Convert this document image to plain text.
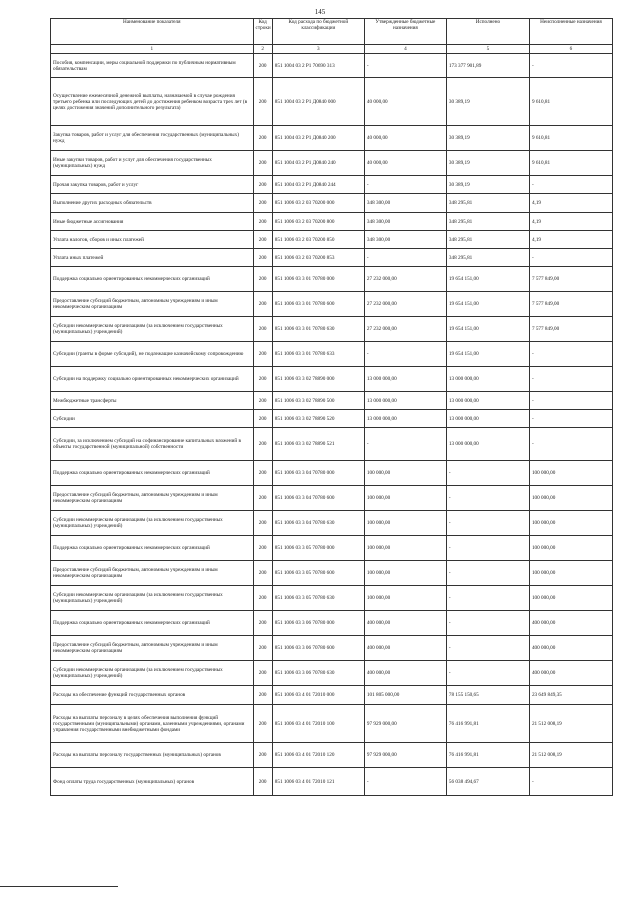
145
Наименование показателя	Код строки	Код расхода по бюджетной классификации	Утвержденные бюджетные назначения	Исполнено	Неисполненные назначения
1	2	3	4	5	6
Пособия, компенсации, меры социальной поддержки по публичным нормативным обязательствам	200	851 1004 03 2 P1 70690 313	-	173 377 901,89	-
Осуществление ежемесячной денежной выплаты, назначаемой в случае рождения третьего ребенка или последующих детей до достижения ребенком возраста трех лет (в целях достижения значений дополнительного результата)	200	851 1004 03 2 P1 Д0840 000	40 000,00	30 389,19	9 610,81
Закупка товаров, работ и услуг для обеспечения государственных (муниципальных) нужд	200	851 1004 03 2 P1 Д0840 200	40 000,00	30 389,19	9 610,81
Иные закупки товаров, работ и услуг для обеспечения государственных (муниципальных) нужд	200	851 1004 03 2 P1 Д0840 240	40 000,00	30 389,19	9 610,81
Прочая закупка товаров, работ и услуг	200	851 1004 03 2 P1 Д0840 244	-	30 389,19	-
Выполнение других расходных обязательств	200	851 1006 03 2 03 70200 000	348 300,00	348 295,81	4,19
Иные бюджетные ассигнования	200	851 1006 03 2 03 70200 800	348 300,00	348 295,81	4,19
Уплата налогов, сборов и иных платежей	200	851 1006 03 2 03 70200 850	348 300,00	348 295,81	4,19
Уплата иных платежей	200	851 1006 03 2 03 70200 853	-	348 295,81	-
Поддержка социально ориентированных некоммерческих организаций	200	851 1006 03 3 01 70780 000	27 232 000,00	19 654 151,00	7 577 849,00
Предоставление субсидий бюджетным, автономным учреждениям и иным некоммерческим организациям	200	851 1006 03 3 01 70780 600	27 232 000,00	19 654 151,00	7 577 849,00
Субсидии некоммерческим организациям (за исключением государственных (муниципальных) учреждений)	200	851 1006 03 3 01 70780 630	27 232 000,00	19 654 151,00	7 577 849,00
Субсидии (гранты в форме субсидий), не подлежащие казначейскому сопровождению	200	851 1006 03 3 01 70780 633	-	19 654 151,00	-
Субсидии на поддержку социально ориентированных некоммерческих организаций	200	851 1006 03 3 02 78890 000	13 000 000,00	13 000 000,00	-
Межбюджетные трансферты	200	851 1006 03 3 02 78890 500	13 000 000,00	13 000 000,00	-
Субсидии	200	851 1006 03 3 02 78890 520	13 000 000,00	13 000 000,00	-
Субсидии, за исключением субсидий на софинансирование капитальных вложений в объекты государственной (муниципальной) собственности	200	851 1006 03 3 02 78890 521	-	13 000 000,00	-
Поддержка социально ориентированных некоммерческих организаций	200	851 1006 03 3 04 70780 000	100 000,00	-	100 000,00
Предоставление субсидий бюджетным, автономным учреждениям и иным некоммерческим организациям	200	851 1006 03 3 04 70780 600	100 000,00	-	100 000,00
Субсидии некоммерческим организациям (за исключением государственных (муниципальных) учреждений)	200	851 1006 03 3 04 70780 630	100 000,00	-	100 000,00
Поддержка социально ориентированных некоммерческих организаций	200	851 1006 03 3 05 70780 000	100 000,00	-	100 000,00
Предоставление субсидий бюджетным, автономным учреждениям и иным некоммерческим организациям	200	851 1006 03 3 05 70780 600	100 000,00	-	100 000,00
Субсидии некоммерческим организациям (за исключением государственных (муниципальных) учреждений)	200	851 1006 03 3 05 70780 630	100 000,00	-	100 000,00
Поддержка социально ориентированных некоммерческих организаций	200	851 1006 03 3 06 70780 000	400 000,00	-	400 000,00
Предоставление субсидий бюджетным, автономным учреждениям и иным некоммерческим организациям	200	851 1006 03 3 06 70780 600	400 000,00	-	400 000,00
Субсидии некоммерческим организациям (за исключением государственных (муниципальных) учреждений)	200	851 1006 03 3 06 70780 630	400 000,00	-	400 000,00
Расходы на обеспечение функций государственных органов	200	851 1006 03 4 01 72010 000	101 805 000,00	78 155 150,65	23 649 849,35
Расходы на выплаты персоналу в целях обеспечения выполнения функций государственными (муниципальными) органами, казенными учреждениями, органами управления государственными внебюджетными фондами	200	851 1006 03 4 01 72010 100	97 929 000,00	76 416 991,81	21 512 008,19
Расходы на выплаты персоналу государственных (муниципальных) органов	200	851 1006 03 4 01 72010 120	97 929 000,00	76 416 991,81	21 512 008,19
Фонд оплаты труда государственных (муниципальных) органов	200	851 1006 03 4 01 72010 121	-	56 038 494,67	-
